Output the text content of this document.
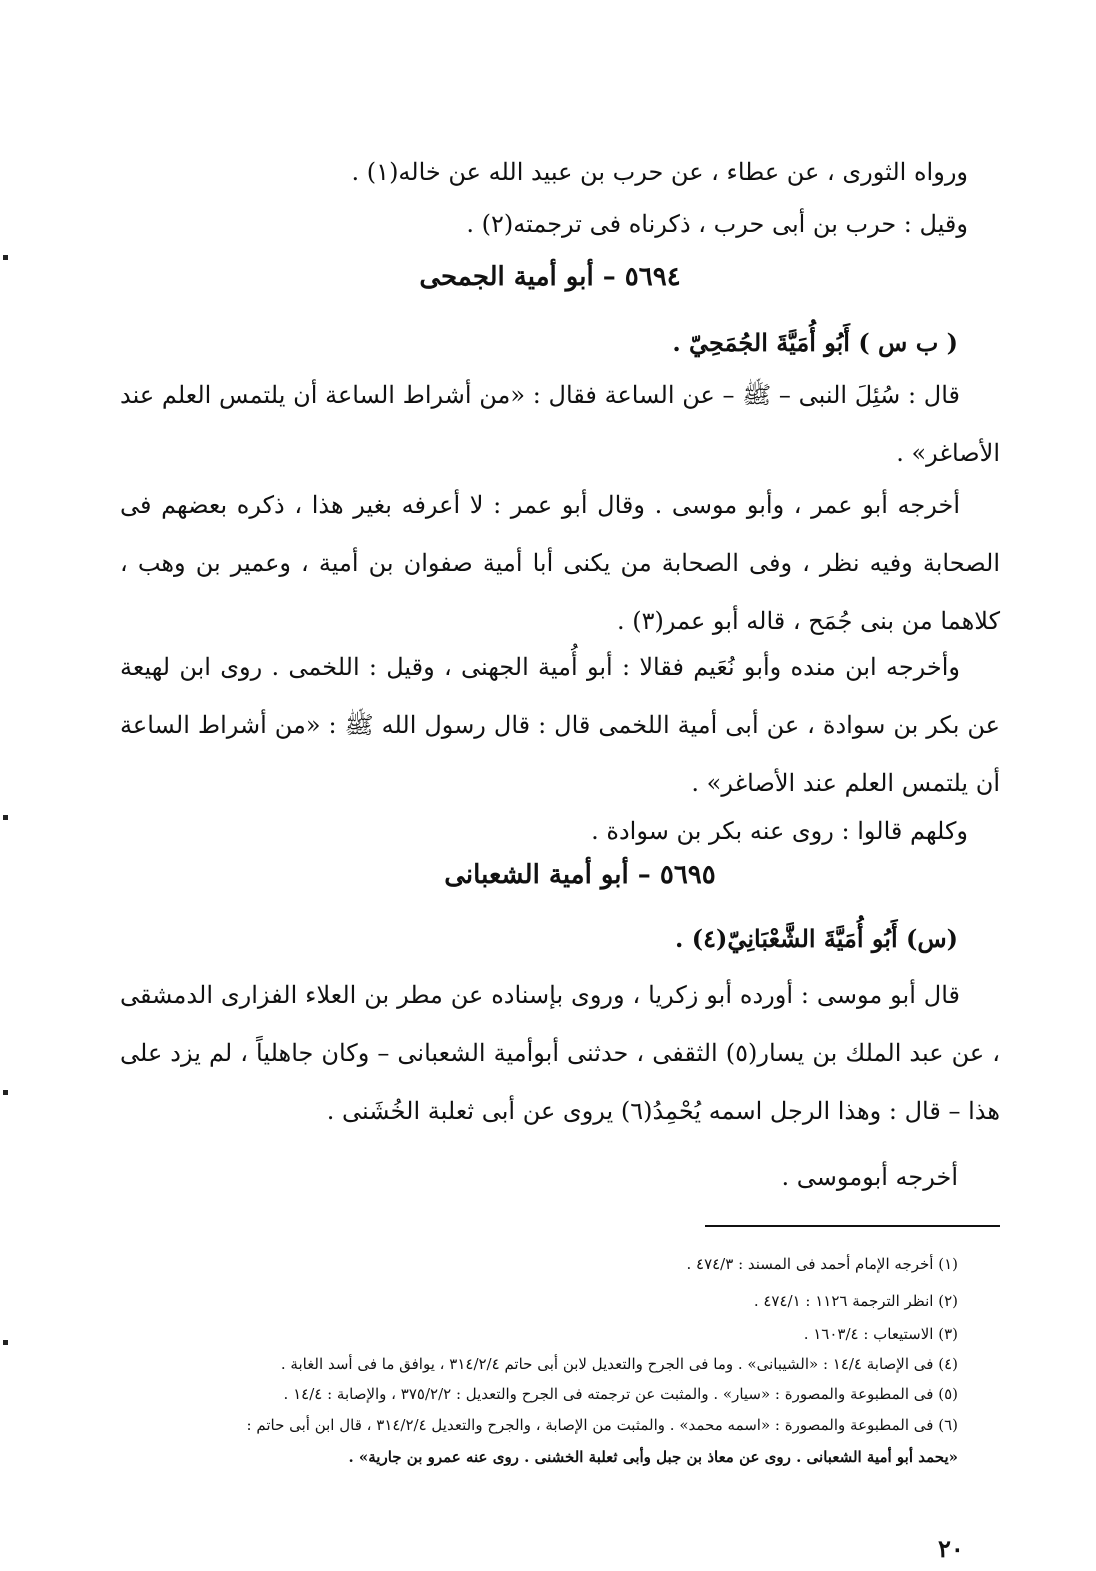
ورواه الثورى ، عن عطاء ، عن حرب بن عبيد الله عن خاله(١) .
وقيل : حرب بن أبى حرب ، ذكرناه فى ترجمته(٢) .
٥٦٩٤ – أبو أمية الجمحى
( ب س ) أَبُو أُمَيَّةَ الجُمَحِيّ .
قال : سُئِلَ النبى – ﷺ – عن الساعة فقال : «من أشراط الساعة أن يلتمس العلم عند الأصاغر» .
أخرجه أبو عمر ، وأبو موسى . وقال أبو عمر : لا أعرفه بغير هذا ، ذكره بعضهم فى الصحابة وفيه نظر ، وفى الصحابة من يكنى أبا أمية صفوان بن أمية ، وعمير بن وهب ، كلاهما من بنى جُمَح ، قاله أبو عمر(٣) .
وأخرجه ابن منده وأبو نُعَيم فقالا : أبو أُمية الجهنى ، وقيل : اللخمى . روى ابن لهيعة عن بكر بن سوادة ، عن أبى أمية اللخمى قال : قال رسول الله ﷺ : «من أشراط الساعة أن يلتمس العلم عند الأصاغر» .
وكلهم قالوا : روى عنه بكر بن سوادة .
٥٦٩٥ – أبو أمية الشعبانى
(س) أَبُو أُمَيَّةَ الشَّعْبَانِيّ(٤) .
قال أبو موسى : أورده أبو زكريا ، وروى بإسناده عن مطر بن العلاء الفزارى الدمشقى ، عن عبد الملك بن يسار(٥) الثقفى ، حدثنى أبوأمية الشعبانى – وكان جاهلياً ، لم يزد على هذا – قال : وهذا الرجل اسمه يُحْمِدُ(٦) يروى عن أبى ثعلبة الخُشَنى .
أخرجه أبوموسى .
(١) أخرجه الإمام أحمد فى المسند : ٤٧٤/٣ .
(٢) انظر الترجمة ١١٢٦ : ٤٧٤/١ .
(٣) الاستيعاب : ١٦٠٣/٤ .
(٤) فى الإصابة ١٤/٤ : «الشيبانى» . وما فى الجرح والتعديل لابن أبى حاتم ٣١٤/٢/٤ ، يوافق ما فى أسد الغابة .
(٥) فى المطبوعة والمصورة : «سيار» . والمثبت عن ترجمته فى الجرح والتعديل : ٣٧٥/٢/٢ ، والإصابة : ١٤/٤ .
(٦) فى المطبوعة والمصورة : «اسمه محمد» . والمثبت من الإصابة ، والجرح والتعديل ٣١٤/٢/٤ ، قال ابن أبى حاتم :
«يحمد أبو أمية الشعبانى . روى عن معاذ بن جبل وأبى ثعلبة الخشنى . روى عنه عمرو بن جارية» .
٢٠
